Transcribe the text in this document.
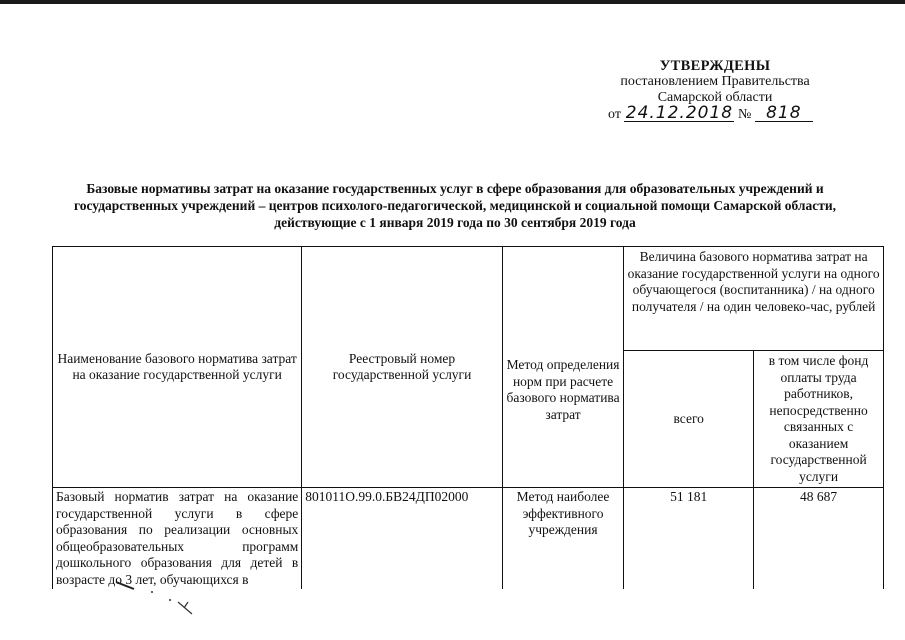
УТВЕРЖДЕНЫ
постановлением Правительства
Самарской области
от 24.12.2018 № 818
Базовые нормативы затрат на оказание государственных услуг в сфере образования для образовательных учреждений и государственных учреждений – центров психолого-педагогической, медицинской и социальной помощи Самарской области, действующие с 1 января 2019 года по 30 сентября 2019 года
Наименование базового норматива затрат на оказание государственной услуги	Реестровый номер государственной услуги	Метод определения норм при расчете базового норматива затрат	Величина базового норматива затрат на оказание государственной услуги на одного обучающегося (воспитанника) / на одного получателя / на один человеко-час, рублей	
			всего	в том числе фонд оплаты труда работников, непосредственно связанных с оказанием государственной услуги
Базовый норматив затрат на оказание государственной услуги в сфере образования по реализации основных общеобразовательных программ дошкольного образования для детей в возрасте до 3 лет, обучающихся в	801011О.99.0.БВ24ДП02000	Метод наиболее эффективного учреждения	51 181	48 687
